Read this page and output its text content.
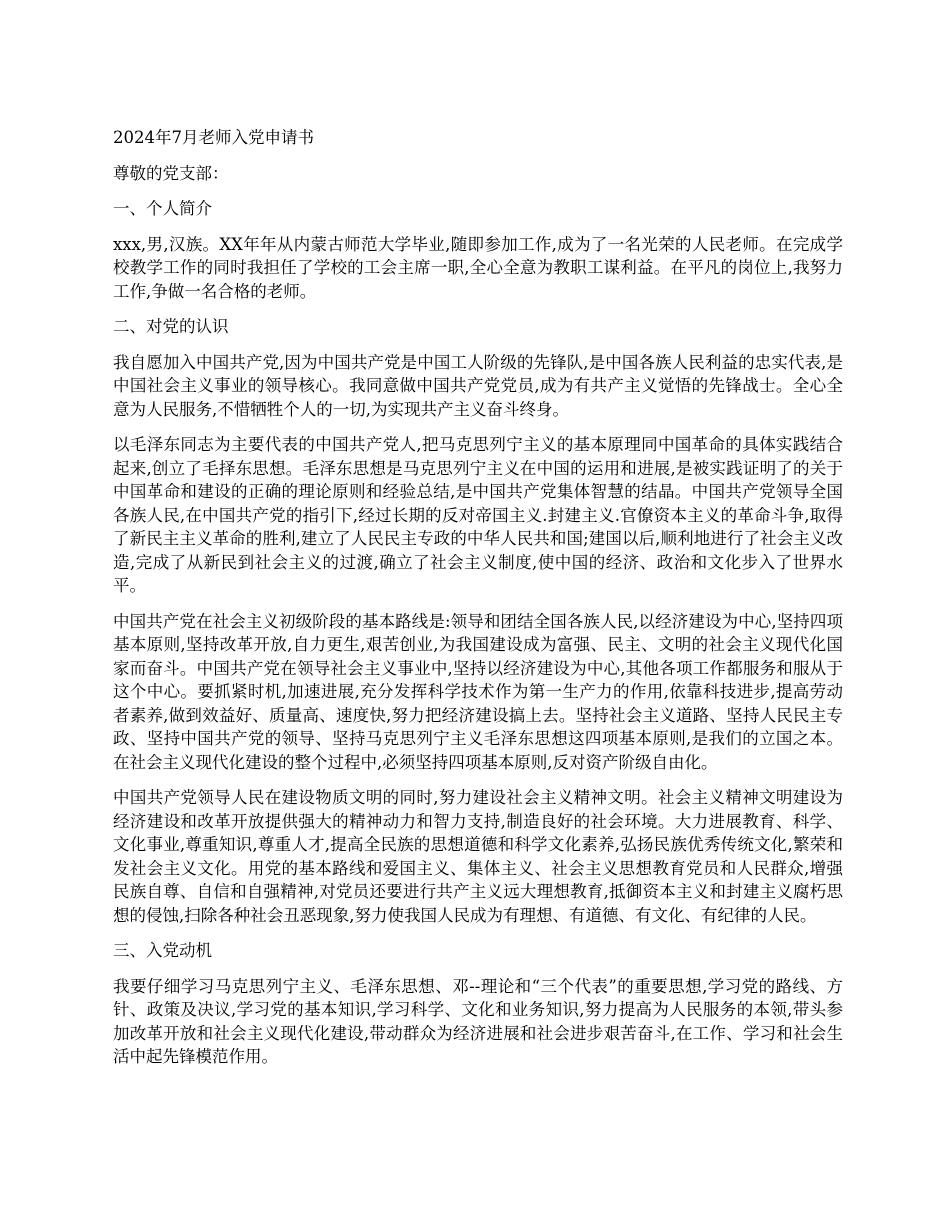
2024年7月老师入党申请书

尊敬的党支部：

一、个人简介

xxx,男,汉族。XX年年从内蒙古师范大学毕业,随即参加工作,成为了一名光荣的人民老师。在完成学校教学工作的同时我担任了学校的工会主席一职,全心全意为教职工谋利益。在平凡的岗位上,我努力工作,争做一名合格的老师。

二、对党的认识

我自愿加入中国共产党,因为中国共产党是中国工人阶级的先锋队,是中国各族人民利益的忠实代表,是中国社会主义事业的领导核心。我同意做中国共产党党员,成为有共产主义觉悟的先锋战士。全心全意为人民服务,不惜牺牲个人的一切,为实现共产主义奋斗终身。

以毛泽东同志为主要代表的中国共产党人,把马克思列宁主义的基本原理同中国革命的具体实践结合起来,创立了毛择东思想。毛泽东思想是马克思列宁主义在中国的运用和进展,是被实践证明了的关于中国革命和建设的正确的理论原则和经验总结,是中国共产党集体智慧的结晶。中国共产党领导全国各族人民,在中国共产党的指引下,经过长期的反对帝国主义.封建主义.官僚资本主义的革命斗争,取得了新民主主义革命的胜利,建立了人民民主专政的中华人民共和国;建国以后,顺利地进行了社会主义改造,完成了从新民到社会主义的过渡,确立了社会主义制度,使中国的经济、政治和文化步入了世界水平。

中国共产党在社会主义初级阶段的基本路线是:领导和团结全国各族人民,以经济建设为中心,坚持四项基本原则,坚持改革开放,自力更生,艰苦创业,为我国建设成为富强、民主、文明的社会主义现代化国家而奋斗。中国共产党在领导社会主义事业中,坚持以经济建设为中心,其他各项工作都服务和服从于这个中心。要抓紧时机,加速进展,充分发挥科学技术作为第一生产力的作用,依靠科技进步,提高劳动者素养,做到效益好、质量高、速度快,努力把经济建设搞上去。坚持社会主义道路、坚持人民民主专政、坚持中国共产党的领导、坚持马克思列宁主义毛泽东思想这四项基本原则,是我们的立国之本。在社会主义现代化建设的整个过程中,必须坚持四项基本原则,反对资产阶级自由化。

中国共产党领导人民在建设物质文明的同时,努力建设社会主义精神文明。社会主义精神文明建设为经济建设和改革开放提供强大的精神动力和智力支持,制造良好的社会环境。大力进展教育、科学、文化事业,尊重知识,尊重人才,提高全民族的思想道德和科学文化素养,弘扬民族优秀传统文化,繁荣和发社会主义文化。用党的基本路线和爱国主义、集体主义、社会主义思想教育党员和人民群众,增强民族自尊、自信和自强精神,对党员还要进行共产主义远大理想教育,抵御资本主义和封建主义腐朽思想的侵蚀,扫除各种社会丑恶现象,努力使我国人民成为有理想、有道德、有文化、有纪律的人民。

三、入党动机

我要仔细学习马克思列宁主义、毛泽东思想、邓--理论和“三个代表”的重要思想,学习党的路线、方针、政策及决议,学习党的基本知识,学习科学、文化和业务知识,努力提高为人民服务的本领,带头参加改革开放和社会主义现代化建设,带动群众为经济进展和社会进步艰苦奋斗,在工作、学习和社会生活中起先锋模范作用。
